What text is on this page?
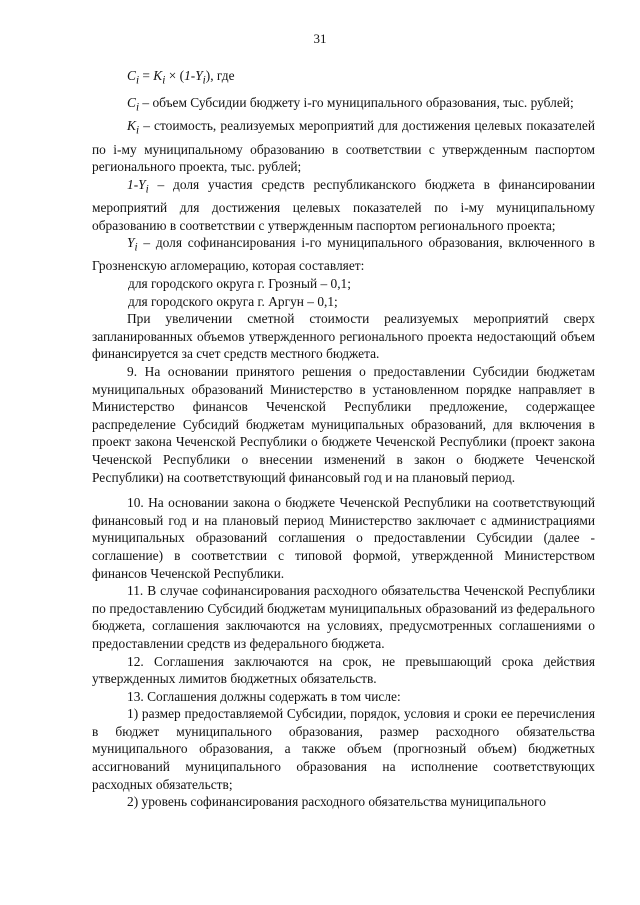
31
$C_i = K_i \times (1-Y_i)$, где

$C_i$ – объем Субсидии бюджету i-го муниципального образования, тыс. рублей;

$K_i$ – стоимость, реализуемых мероприятий для достижения целевых показателей по i-му муниципальному образованию в соответствии с утвержденным паспортом регионального проекта, тыс. рублей;

$1-Y_i$ – доля участия средств республиканского бюджета в финансировании мероприятий для достижения целевых показателей по i-му муниципальному образованию в соответствии с утвержденным паспортом регионального проекта;

$Y_i$ – доля софинансирования i-го муниципального образования, включенного в Грозненскую агломерацию, которая составляет:

для городского округа г. Грозный – 0,1;

для городского округа г. Аргун – 0,1;

При увеличении сметной стоимости реализуемых мероприятий сверх запланированных объемов утвержденного регионального проекта недостающий объем финансируется за счет средств местного бюджета.

9. На основании принятого решения о предоставлении Субсидии бюджетам муниципальных образований Министерство в установленном порядке направляет в Министерство финансов Чеченской Республики предложение, содержащее распределение Субсидий бюджетам муниципальных образований, для включения в проект закона Чеченской Республики о бюджете Чеченской Республики (проект закона Чеченской Республики о внесении изменений в закон о бюджете Чеченской Республики) на соответствующий финансовый год и на плановый период.

10. На основании закона о бюджете Чеченской Республики на соответствующий финансовый год и на плановый период Министерство заключает с администрациями муниципальных образований соглашения о предоставлении Субсидии (далее - соглашение) в соответствии с типовой формой, утвержденной Министерством финансов Чеченской Республики.

11. В случае софинансирования расходного обязательства Чеченской Республики по предоставлению Субсидий бюджетам муниципальных образований из федерального бюджета, соглашения заключаются на условиях, предусмотренных соглашениями о предоставлении средств из федерального бюджета.

12. Соглашения заключаются на срок, не превышающий срока действия утвержденных лимитов бюджетных обязательств.

13. Соглашения должны содержать в том числе:

1) размер предоставляемой Субсидии, порядок, условия и сроки ее перечисления в бюджет муниципального образования, размер расходного обязательства муниципального образования, а также объем (прогнозный объем) бюджетных ассигнований муниципального образования на исполнение соответствующих расходных обязательств;

2) уровень софинансирования расходного обязательства муниципального
